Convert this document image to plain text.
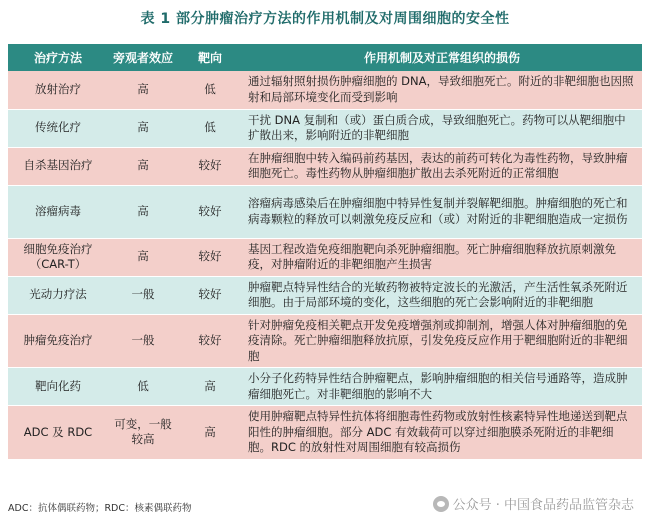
表 1 部分肿瘤治疗方法的作用机制及对周围细胞的安全性
治疗方法	旁观者效应	靶向	作用机制及对正常组织的损伤
放射治疗	高	低	通过辐射照射损伤肿瘤细胞的 DNA，导致细胞死亡。附近的非靶细胞也因照射和局部环境变化而受到影响
传统化疗	高	低	干扰 DNA 复制和（或）蛋白质合成，导致细胞死亡。药物可以从靶细胞中扩散出来，影响附近的非靶细胞
自杀基因治疗	高	较好	在肿瘤细胞中转入编码前药基因，表达的前药可转化为毒性药物，导致肿瘤细胞死亡。毒性药物从肿瘤细胞扩散出去杀死附近的正常细胞
溶瘤病毒	高	较好	溶瘤病毒感染后在肿瘤细胞中特异性复制并裂解靶细胞。肿瘤细胞的死亡和病毒颗粒的释放可以刺激免疫反应和（或）对附近的非靶细胞造成一定损伤
细胞免疫治疗（CAR-T）	高	较好	基因工程改造免疫细胞靶向杀死肿瘤细胞。死亡肿瘤细胞释放抗原刺激免疫，对肿瘤附近的非靶细胞产生损害
光动力疗法	一般	较好	肿瘤靶点特异性结合的光敏药物被特定波长的光激活，产生活性氧杀死附近细胞。由于局部环境的变化，这些细胞的死亡会影响附近的非靶细胞
肿瘤免疫治疗	一般	较好	针对肿瘤免疫相关靶点开发免疫增强剂或抑制剂，增强人体对肿瘤细胞的免疫清除。死亡肿瘤细胞释放抗原，引发免疫反应作用于靶细胞附近的非靶细胞
靶向化药	低	高	小分子化药特异性结合肿瘤靶点，影响肿瘤细胞的相关信号通路等，造成肿瘤细胞死亡。对非靶细胞的影响不大
ADC 及 RDC	可变，一般较高	高	使用肿瘤靶点特异性抗体将细胞毒性药物或放射性核素特异性地递送到靶点阳性的肿瘤细胞。部分 ADC 有效载荷可以穿过细胞膜杀死附近的非靶细胞。RDC 的放射性对周围细胞有较高损伤
ADC：抗体偶联药物；RDC：核素偶联药物	公众号 · 中国食品药品监管杂志
